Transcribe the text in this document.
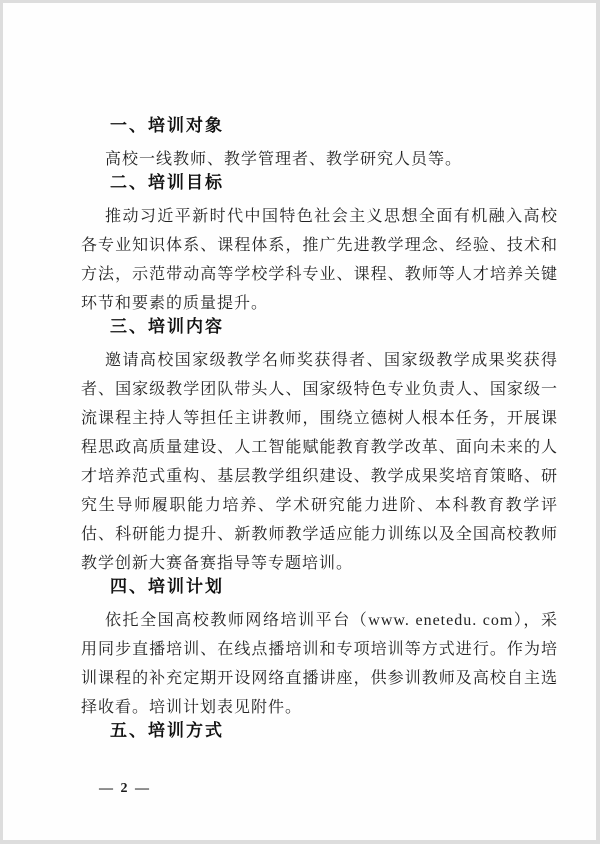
一、培训对象

高校一线教师、教学管理者、教学研究人员等。

二、培训目标

推动习近平新时代中国特色社会主义思想全面有机融入高校各专业知识体系、课程体系，推广先进教学理念、经验、技术和方法，示范带动高等学校学科专业、课程、教师等人才培养关键环节和要素的质量提升。

三、培训内容

邀请高校国家级教学名师奖获得者、国家级教学成果奖获得者、国家级教学团队带头人、国家级特色专业负责人、国家级一流课程主持人等担任主讲教师，围绕立德树人根本任务，开展课程思政高质量建设、人工智能赋能教育教学改革、面向未来的人才培养范式重构、基层教学组织建设、教学成果奖培育策略、研究生导师履职能力培养、学术研究能力进阶、本科教育教学评估、科研能力提升、新教师教学适应能力训练以及全国高校教师教学创新大赛备赛指导等专题培训。

四、培训计划

依托全国高校教师网络培训平台（www. enetedu. com），采用同步直播培训、在线点播培训和专项培训等方式进行。作为培训课程的补充定期开设网络直播讲座，供参训教师及高校自主选择收看。培训计划表见附件。

五、培训方式
— 2 —
